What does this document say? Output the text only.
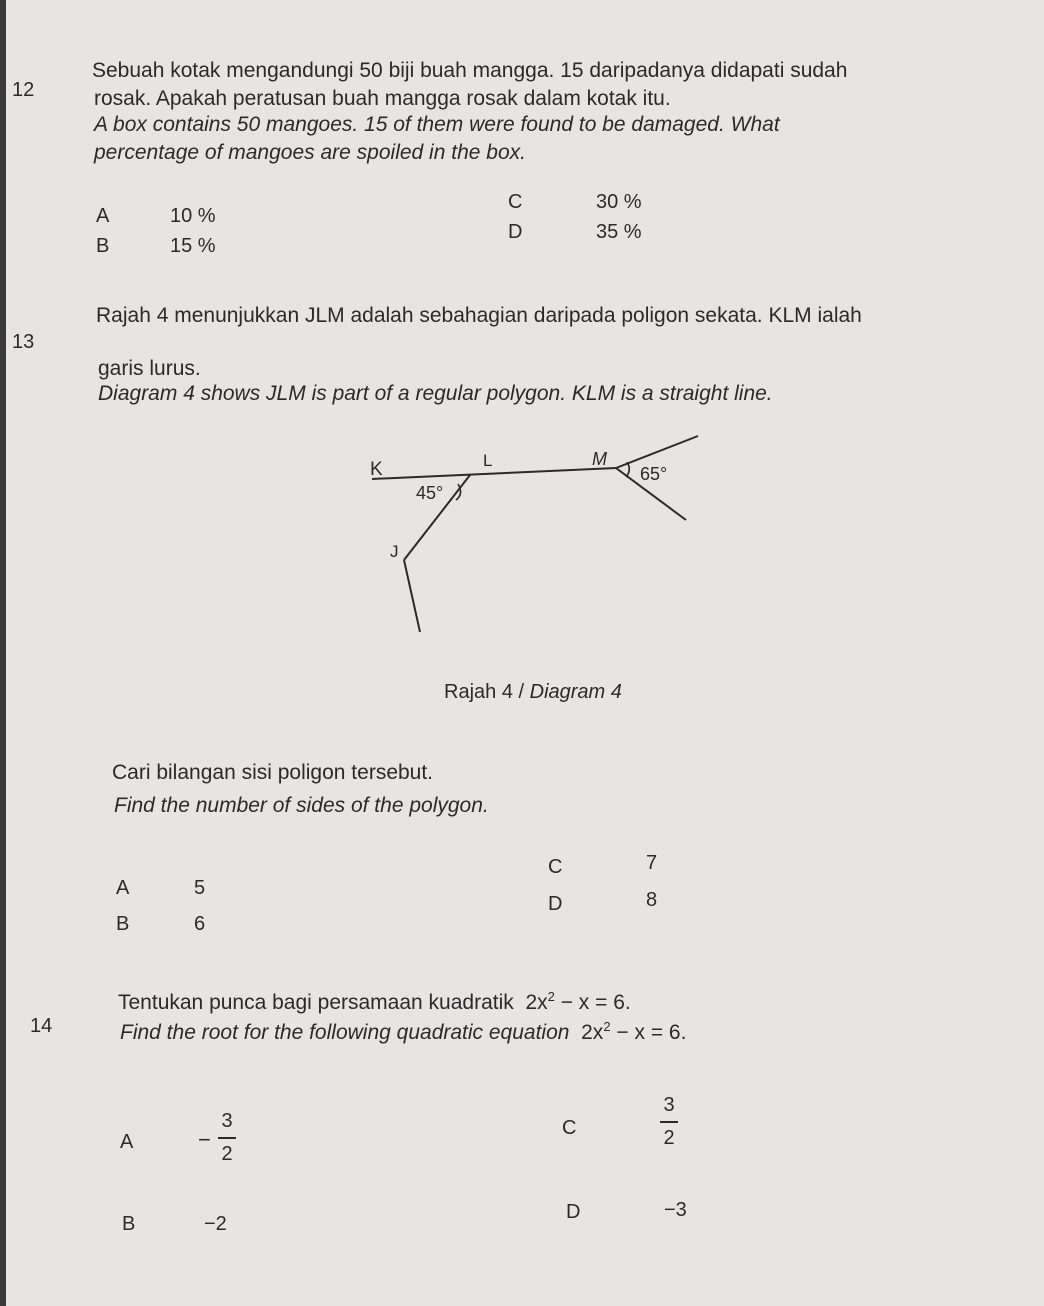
12
Sebuah kotak mengandungi 50 biji buah mangga. 15 daripadanya didapati sudah
rosak. Apakah peratusan buah mangga rosak dalam kotak itu.
A box contains 50 mangoes. 15 of them were found to be damaged. What
percentage of mangoes are spoiled in the box.
A	10 %
B	15 %
C	30 %
D	35 %
13
Rajah 4 menunjukkan JLM adalah sebahagian daripada poligon sekata. KLM ialah
garis lurus.
Diagram 4 shows JLM is part of a regular polygon. KLM is a straight line.
K	L	M
J
45°
65°
Rajah 4 / Diagram 4
Cari bilangan sisi poligon tersebut.
Find the number of sides of the polygon.
A	5
B	6
C	7
D	8
14
Tentukan punca bagi persamaan kuadratik $2x^2 - x = 6$.
Find the root for the following quadratic equation $2x^2 - x = 6$.
A	−
3
2
B	−2
C
3
2
D	−3
